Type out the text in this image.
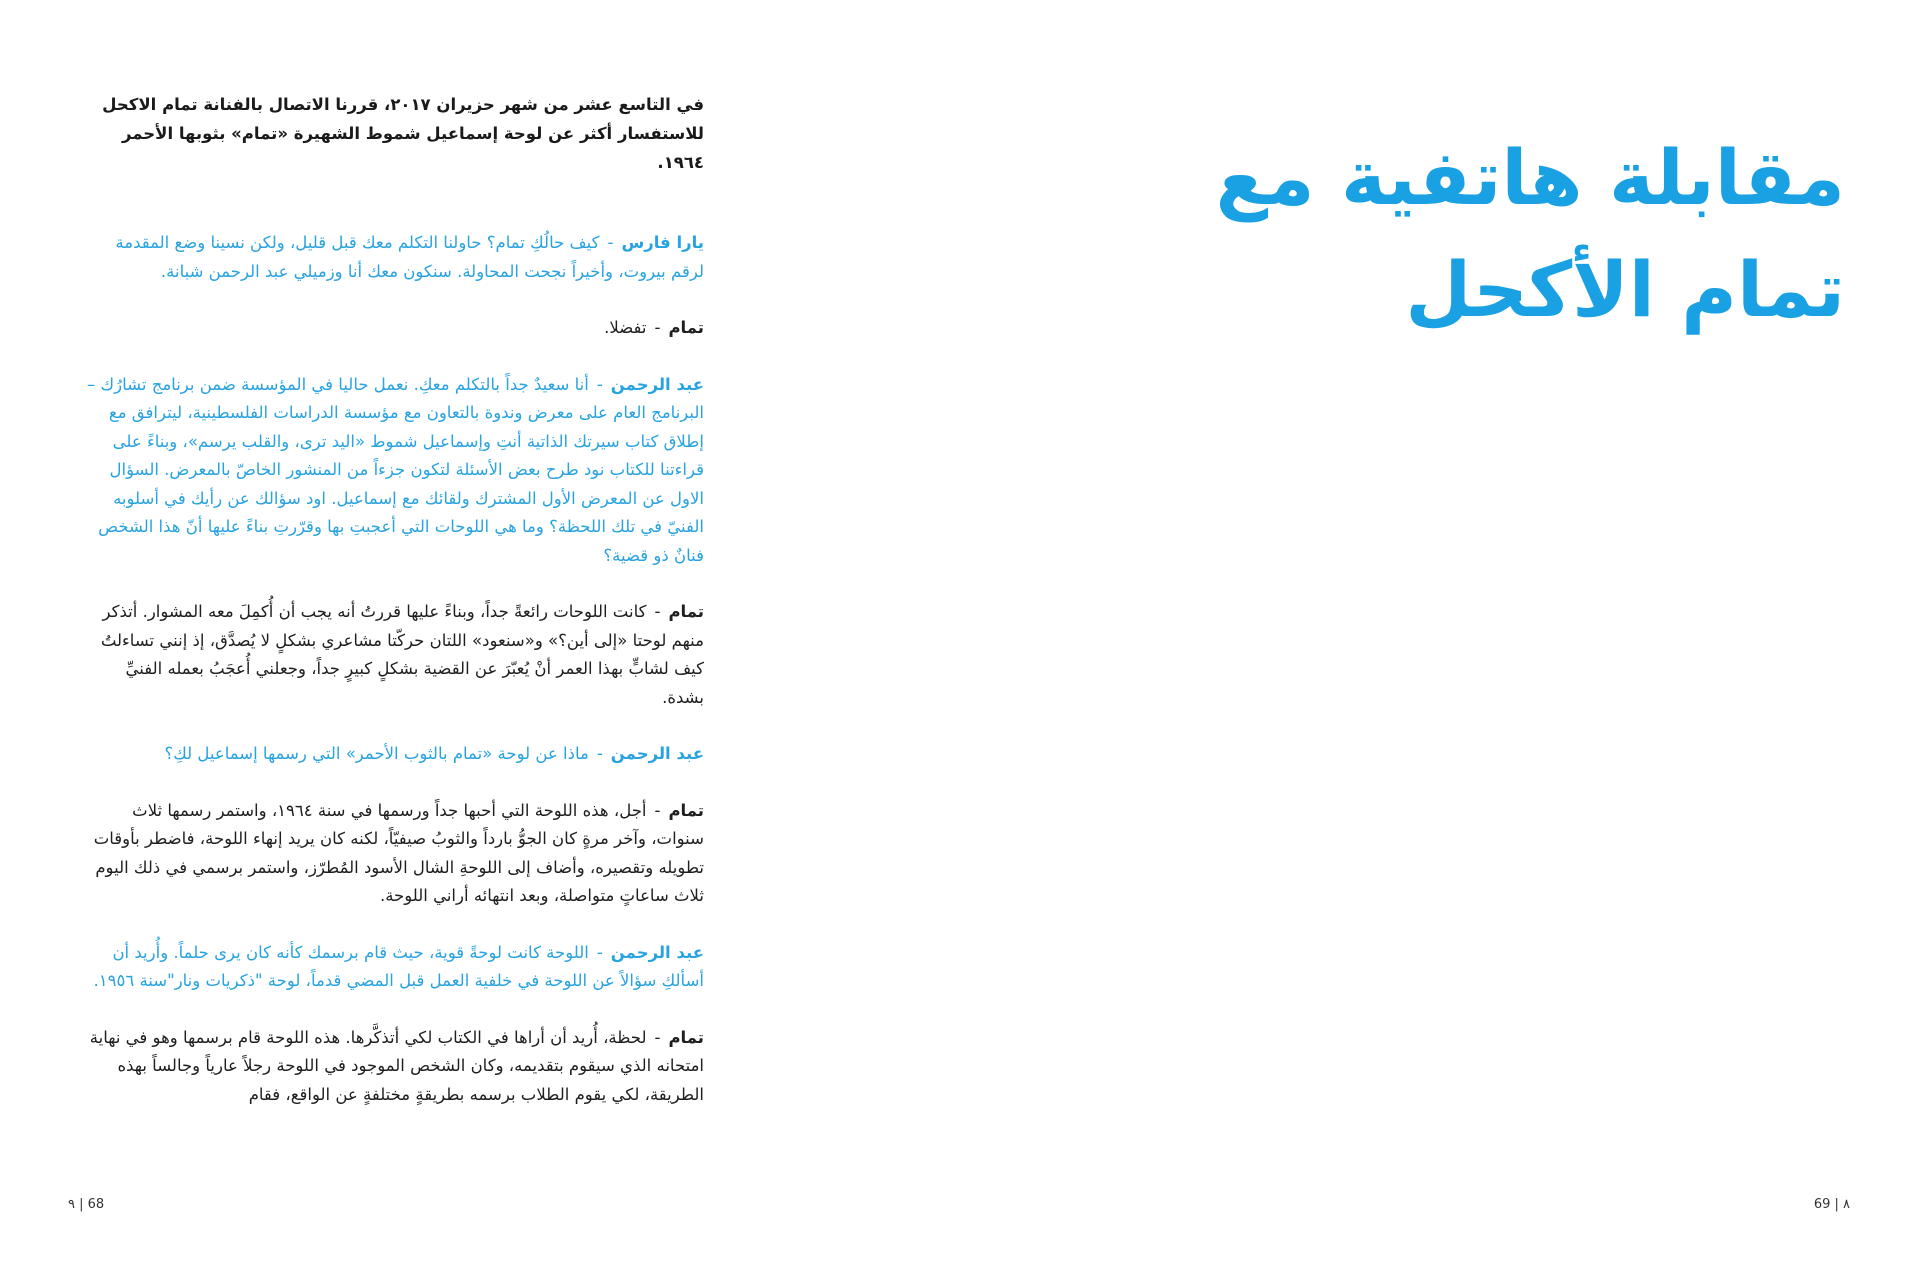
في التاسع عشر من شهر حزيران ٢٠١٧، قررنا الاتصال بالفنانة تمام الاكحل للاستفسار أكثر عن لوحة إسماعيل شموط الشهيرة «تمام» بثوبها الأحمر ١٩٦٤.

يارا فارس-كيف حالُكِ تمام؟ حاولنا التكلم معك قبل قليل، ولكن نسينا وضع المقدمة لرقم بيروت، وأخيراً نجحت المحاولة. سنكون معك أنا وزميلي عبد الرحمن شبانة.

تمام-تفضلا.

عبد الرحمن-أنا سعيدٌ جداً بالتكلم معكِ. نعمل حاليا في المؤسسة ضمن برنامج تشارُك – البرنامج العام على معرض وندوة بالتعاون مع مؤسسة الدراسات الفلسطينية، ليترافق مع إطلاق كتاب سيرتك الذاتية أنتِ وإسماعيل شموط «اليد ترى، والقلب يرسم»، وبناءً على قراءتنا للكتاب نود طرح بعض الأسئلة لتكون جزءاً من المنشور الخاصّ بالمعرض. السؤال الاول عن المعرض الأول المشترك ولقائك مع إسماعيل. اود سؤالك عن رأيك في أسلوبه الفنيّ في تلك اللحظة؟ وما هي اللوحات التي أعجبتِ بها وقرّرتِ بناءً عليها أنّ هذا الشخص فنانٌ ذو قضية؟

تمام-كانت اللوحات رائعةً جداً، وبناءً عليها قررتُ أنه يجب أن أُكمِلَ معه المشوار. أتذكر منهم لوحتا «إلى أين؟» و«سنعود» اللتان حركّتا مشاعري بشكلٍ لا يُصدَّق، إذ إنني تساءلتُ كيف لشابٍّ بهذا العمر أنْ يُعبّرَ عن القضية بشكلٍ كبيرٍ جداً، وجعلني أُعجَبُ بعمله الفنيِّ بشدة.

عبد الرحمن-ماذا عن لوحة «تمام بالثوب الأحمر» التي رسمها إسماعيل لكِ؟

تمام-أجل، هذه اللوحة التي أحبها جداً ورسمها في سنة ١٩٦٤، واستمر رسمها ثلاث سنوات، وآخر مرةٍ كان الجوُّ بارداً والثوبُ صيفيّاً، لكنه كان يريد إنهاء اللوحة، فاضطر بأوقات تطويله وتقصيره، وأضاف إلى اللوحةِ الشال الأسود المُطرّز، واستمر برسمي في ذلك اليوم ثلاث ساعاتٍ متواصلة، وبعد انتهائه أراني اللوحة.

عبد الرحمن-اللوحة كانت لوحةً قوية، حيث قام برسمك كأنه كان يرى حلماً. وأُريد أن أسألكِ سؤالاً عن اللوحة في خلفية العمل قبل المضي قدماً، لوحة "ذكريات ونار"سنة ١٩٥٦.

تمام-لحظة، أُريد أن أراها في الكتاب لكي أتذكَّرها. هذه اللوحة قام برسمها وهو في نهاية امتحانه الذي سيقوم بتقديمه، وكان الشخص الموجود في اللوحة رجلاً عارياً وجالساً بهذه الطريقة، لكي يقوم الطلاب برسمه بطريقةٍ مختلفةٍ عن الواقع، فقام

٩ | 68
مقابلة هاتفية مع
تمام الأكحل
69 | ٨
